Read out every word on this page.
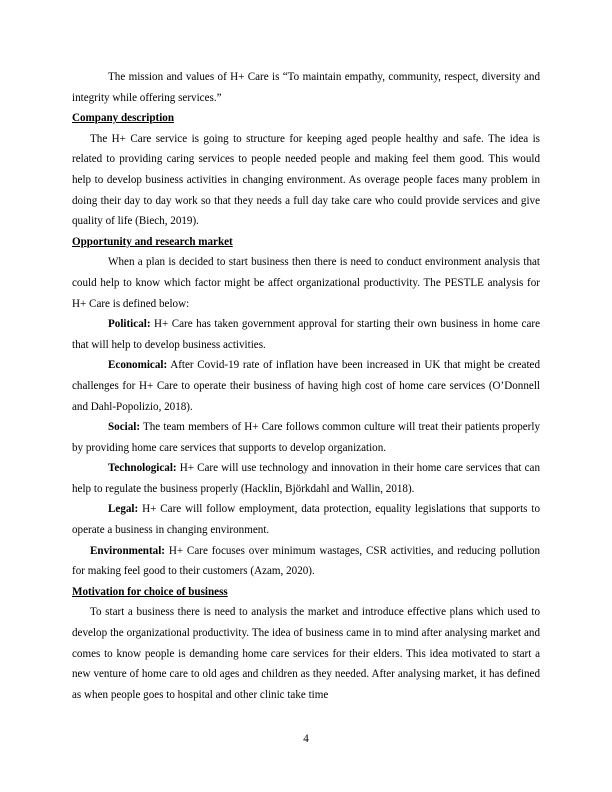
The mission and values of H+ Care is “To maintain empathy, community, respect, diversity and integrity while offering services.”

Company description

The H+ Care service is going to structure for keeping aged people healthy and safe. The idea is related to providing caring services to people needed people and making feel them good. This would help to develop business activities in changing environment. As overage people faces many problem in doing their day to day work so that they needs a full day take care who could provide services and give quality of life (Biech, 2019).

Opportunity and research market

When a plan is decided to start business then there is need to conduct environment analysis that could help to know which factor might be affect organizational productivity. The PESTLE analysis for H+ Care is defined below:

Political: H+ Care has taken government approval for starting their own business in home care that will help to develop business activities.

Economical: After Covid-19 rate of inflation have been increased in UK that might be created challenges for H+ Care to operate their business of having high cost of home care services (O’Donnell and Dahl-Popolizio, 2018).

Social: The team members of H+ Care follows common culture will treat their patients properly by providing home care services that supports to develop organization.

Technological: H+ Care will use technology and innovation in their home care services that can help to regulate the business properly (Hacklin, Björkdahl and Wallin, 2018).

Legal: H+ Care will follow employment, data protection, equality legislations that supports to operate a business in changing environment.

Environmental: H+ Care focuses over minimum wastages, CSR activities, and reducing pollution for making feel good to their customers (Azam, 2020).

Motivation for choice of business

To start a business there is need to analysis the market and introduce effective plans which used to develop the organizational productivity. The idea of business came in to mind after analysing market and comes to know people is demanding home care services for their elders. This idea motivated to start a new venture of home care to old ages and children as they needed. After analysing market, it has defined as when people goes to hospital and other clinic take time

4
